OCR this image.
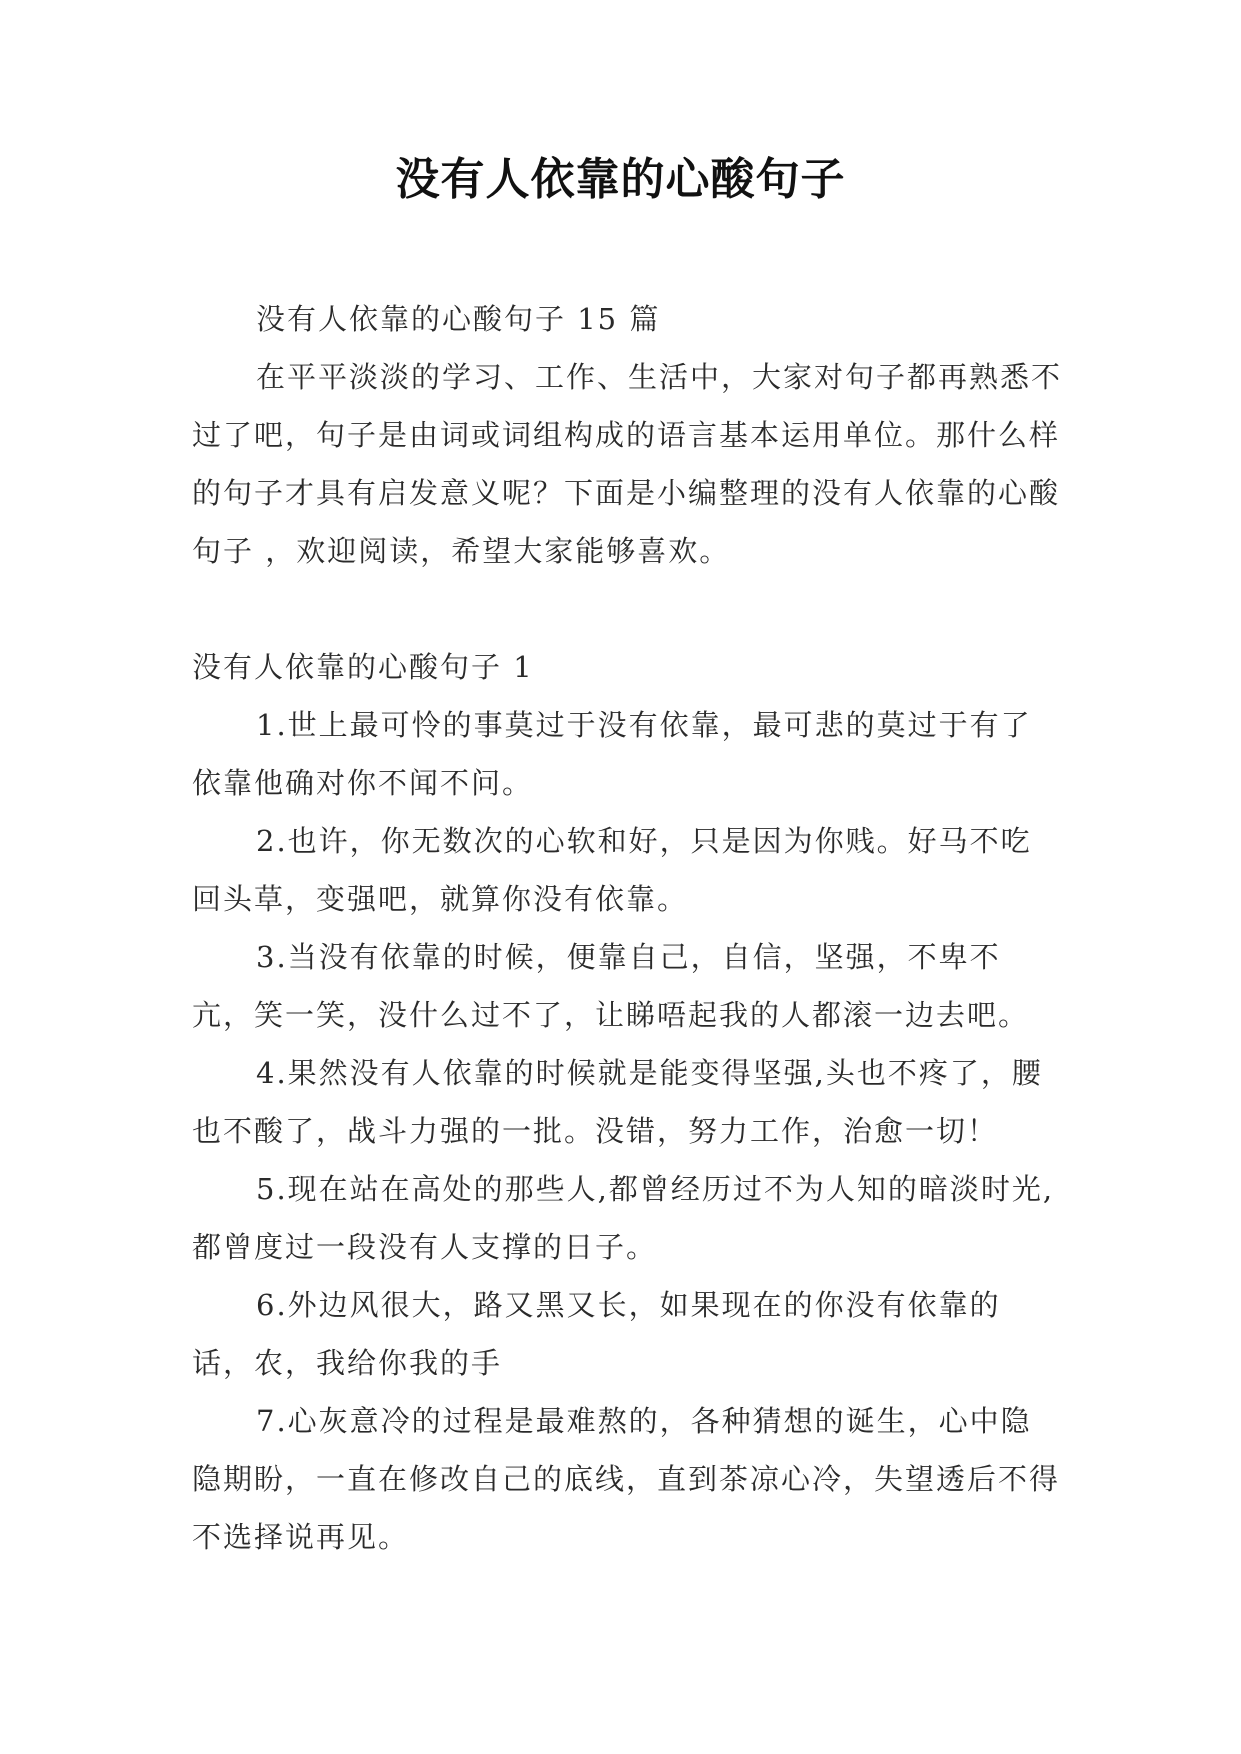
没有人依靠的心酸句子

没有人依靠的心酸句子 15 篇

在平平淡淡的学习、工作、生活中，大家对句子都再熟悉不过了吧，句子是由词或词组构成的语言基本运用单位。那什么样的句子才具有启发意义呢？下面是小编整理的没有人依靠的心酸句子 ，欢迎阅读，希望大家能够喜欢。

没有人依靠的心酸句子 1

1.世上最可怜的事莫过于没有依靠，最可悲的莫过于有了依靠他确对你不闻不问。

2.也许，你无数次的心软和好，只是因为你贱。好马不吃回头草，变强吧，就算你没有依靠。

3.当没有依靠的时候，便靠自己，自信，坚强，不卑不亢，笑一笑，没什么过不了，让睇唔起我的人都滚一边去吧。

4.果然没有人依靠的时候就是能变得坚强,头也不疼了，腰也不酸了，战斗力强的一批。没错，努力工作，治愈一切！

5.现在站在高处的那些人,都曾经历过不为人知的暗淡时光,都曾度过一段没有人支撑的日子。

6.外边风很大，路又黑又长，如果现在的你没有依靠的话，农，我给你我的手

7.心灰意冷的过程是最难熬的，各种猜想的诞生，心中隐隐期盼，一直在修改自己的底线，直到茶凉心冷，失望透后不得不选择说再见。
